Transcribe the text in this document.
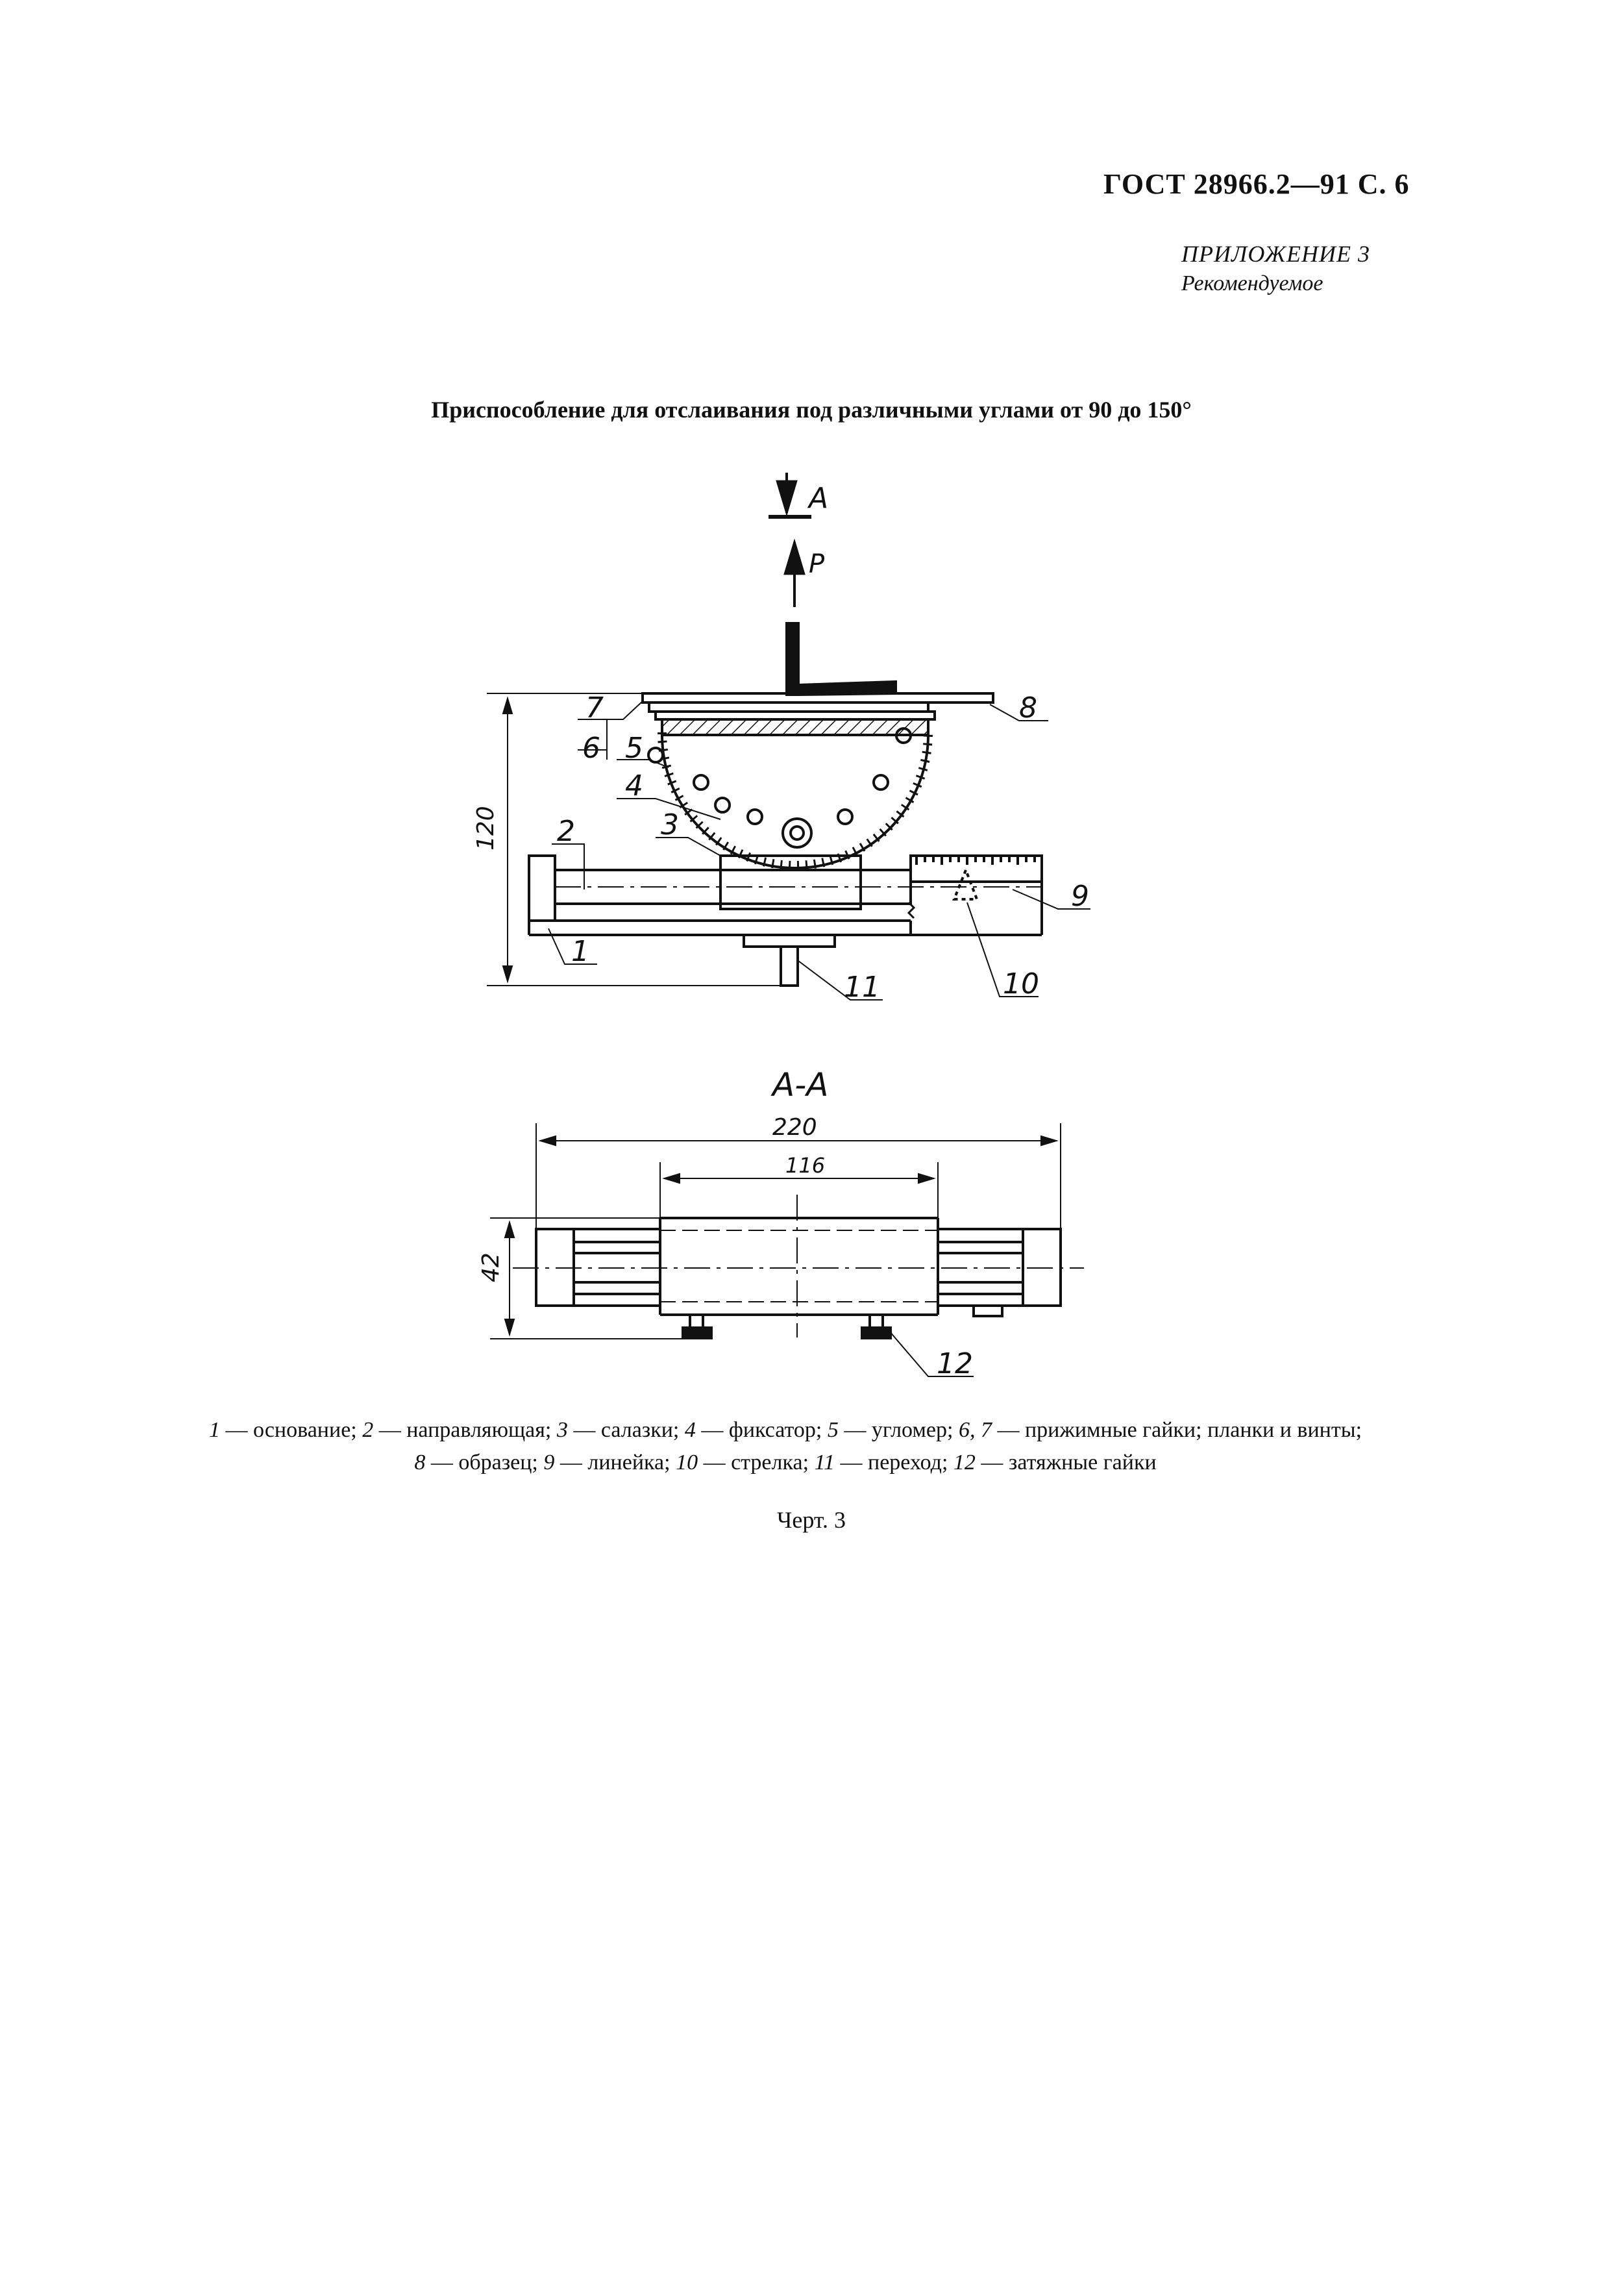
ГОСТ 28966.2—91 С. 6
ПРИЛОЖЕНИЕ 3
Рекомендуемое
Приспособление для отслаивания под различными углами от 90 до 150°
A
P
A-A
120
220
116
42
7
6 5
4
3
2
1
8
9
10
11
12
1 — основание; 2 — направляющая; 3 — салазки; 4 — фиксатор; 5 — угломер; 6, 7 — прижимные гайки; планки и винты;
8 — образец; 9 — линейка; 10 — стрелка; 11 — переход; 12 — затяжные гайки
Черт. 3
